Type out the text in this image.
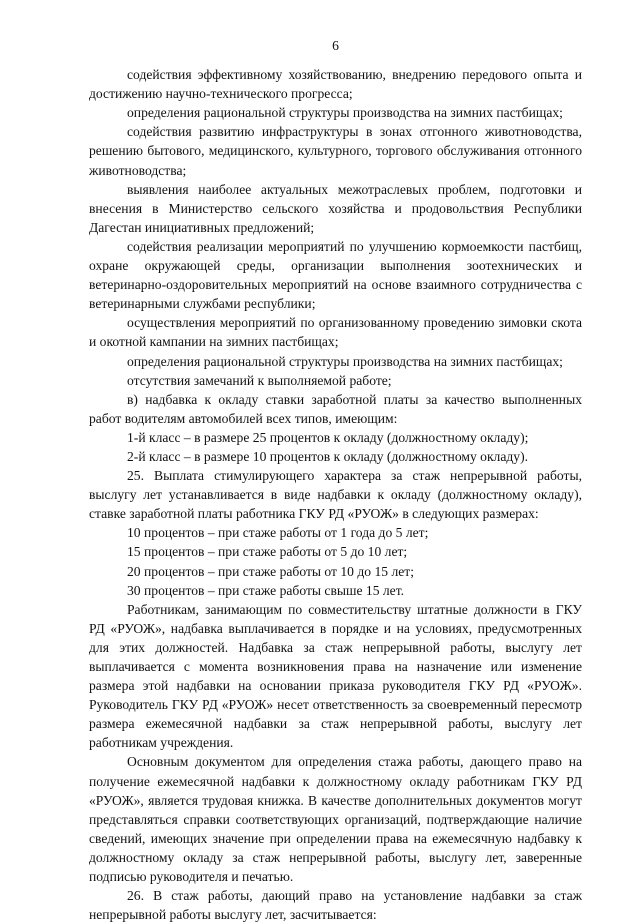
6

содействия эффективному хозяйствованию, внедрению передового опыта и достижению научно-технического прогресса;

определения рациональной структуры производства на зимних пастбищах;

содействия развитию инфраструктуры в зонах отгонного животноводства, решению бытового, медицинского, культурного, торгового обслуживания отгонного животноводства;

выявления наиболее актуальных межотраслевых проблем, подготовки и внесения в Министерство сельского хозяйства и продовольствия Республики Дагестан инициативных предложений;

содействия реализации мероприятий по улучшению кормоемкости пастбищ, охране окружающей среды, организации выполнения зоотехнических и ветеринарно-оздоровительных мероприятий на основе взаимного сотрудничества с ветеринарными службами республики;

осуществления мероприятий по организованному проведению зимовки скота и окотной кампании на зимних пастбищах;

определения рациональной структуры производства на зимних пастбищах;

отсутствия замечаний к выполняемой работе;

в) надбавка к окладу ставки заработной платы за качество выполненных работ водителям автомобилей всех типов, имеющим:

1-й класс – в размере 25 процентов к окладу (должностному окладу);

2-й класс – в размере 10 процентов к окладу (должностному окладу).

25. Выплата стимулирующего характера за стаж непрерывной работы, выслугу лет устанавливается в виде надбавки к окладу (должностному окладу), ставке заработной платы работника ГКУ РД «РУОЖ» в следующих размерах:

10 процентов – при стаже работы от 1 года до 5 лет;

15 процентов – при стаже работы от 5 до 10 лет;

20 процентов – при стаже работы от 10 до 15 лет;

30 процентов – при стаже работы свыше 15 лет.

Работникам, занимающим по совместительству штатные должности в ГКУ РД «РУОЖ», надбавка выплачивается в порядке и на условиях, предусмотренных для этих должностей. Надбавка за стаж непрерывной работы, выслугу лет выплачивается с момента возникновения права на назначение или изменение размера этой надбавки на основании приказа руководителя ГКУ РД «РУОЖ». Руководитель ГКУ РД «РУОЖ» несет ответственность за своевременный пересмотр размера ежемесячной надбавки за стаж непрерывной работы, выслугу лет работникам учреждения.

Основным документом для определения стажа работы, дающего право на получение ежемесячной надбавки к должностному окладу работникам ГКУ РД «РУОЖ», является трудовая книжка. В качестве дополнительных документов могут представляться справки соответствующих организаций, подтверждающие наличие сведений, имеющих значение при определении права на ежемесячную надбавку к должностному окладу за стаж непрерывной работы, выслугу лет, заверенные подписью руководителя и печатью.

26. В стаж работы, дающий право на установление надбавки за стаж непрерывной работы выслугу лет, засчитывается:
